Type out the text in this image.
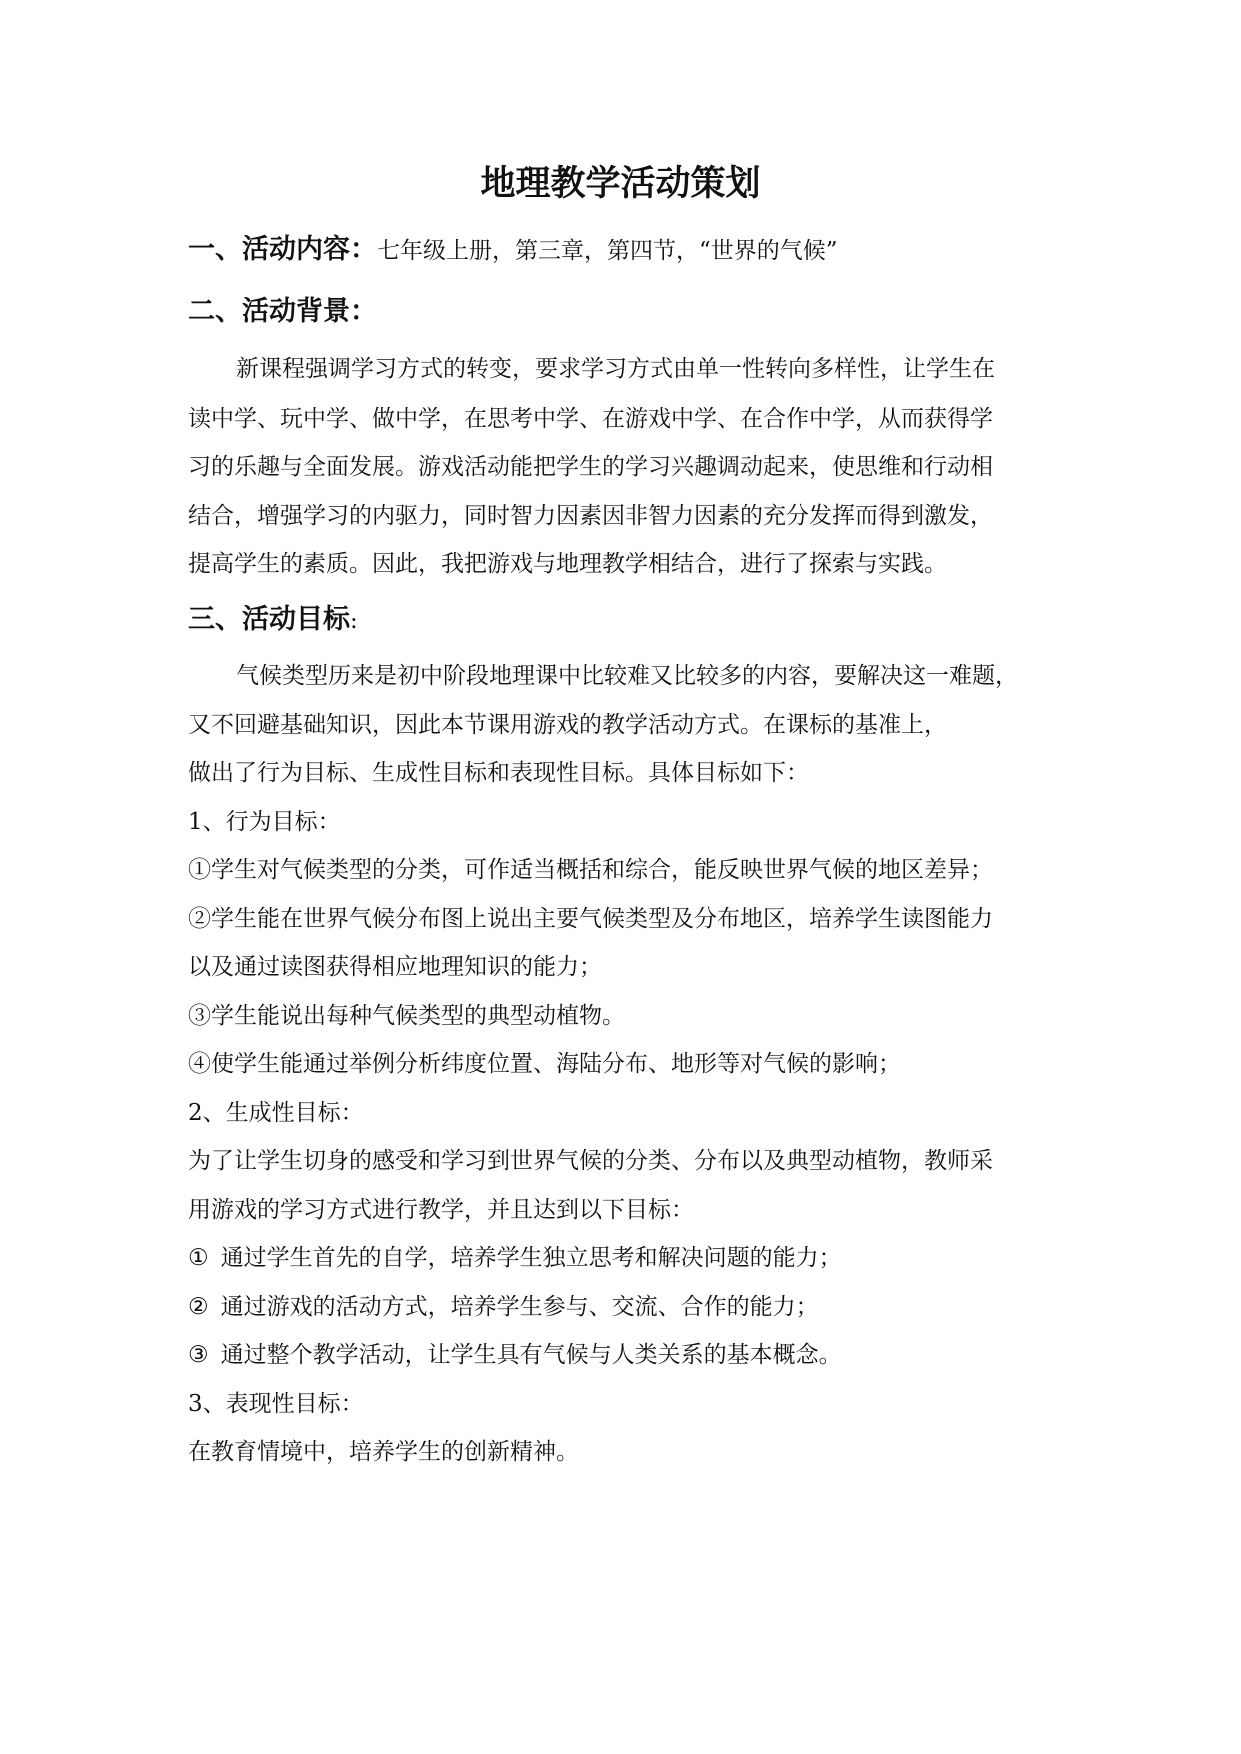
地理教学活动策划
一、活动内容：七年级上册，第三章，第四节，“世界的气候”
二、活动背景：
新课程强调学习方式的转变，要求学习方式由单一性转向多样性，让学生在
读中学、玩中学、做中学，在思考中学、在游戏中学、在合作中学，从而获得学
习的乐趣与全面发展。游戏活动能把学生的学习兴趣调动起来，使思维和行动相
结合，增强学习的内驱力，同时智力因素因非智力因素的充分发挥而得到激发，
提高学生的素质。因此，我把游戏与地理教学相结合，进行了探索与实践。
三、活动目标:
气候类型历来是初中阶段地理课中比较难又比较多的内容，要解决这一难题，
又不回避基础知识，因此本节课用游戏的教学活动方式。在课标的基准上，
做出了行为目标、生成性目标和表现性目标。具体目标如下：
1、行为目标：
①学生对气候类型的分类，可作适当概括和综合，能反映世界气候的地区差异；
②学生能在世界气候分布图上说出主要气候类型及分布地区，培养学生读图能力
以及通过读图获得相应地理知识的能力；
③学生能说出每种气候类型的典型动植物。
④使学生能通过举例分析纬度位置、海陆分布、地形等对气候的影响；
2、生成性目标：
为了让学生切身的感受和学习到世界气候的分类、分布以及典型动植物，教师采
用游戏的学习方式进行教学，并且达到以下目标：
① 通过学生首先的自学，培养学生独立思考和解决问题的能力；
② 通过游戏的活动方式，培养学生参与、交流、合作的能力；
③ 通过整个教学活动，让学生具有气候与人类关系的基本概念。
3、表现性目标：
在教育情境中，培养学生的创新精神。
